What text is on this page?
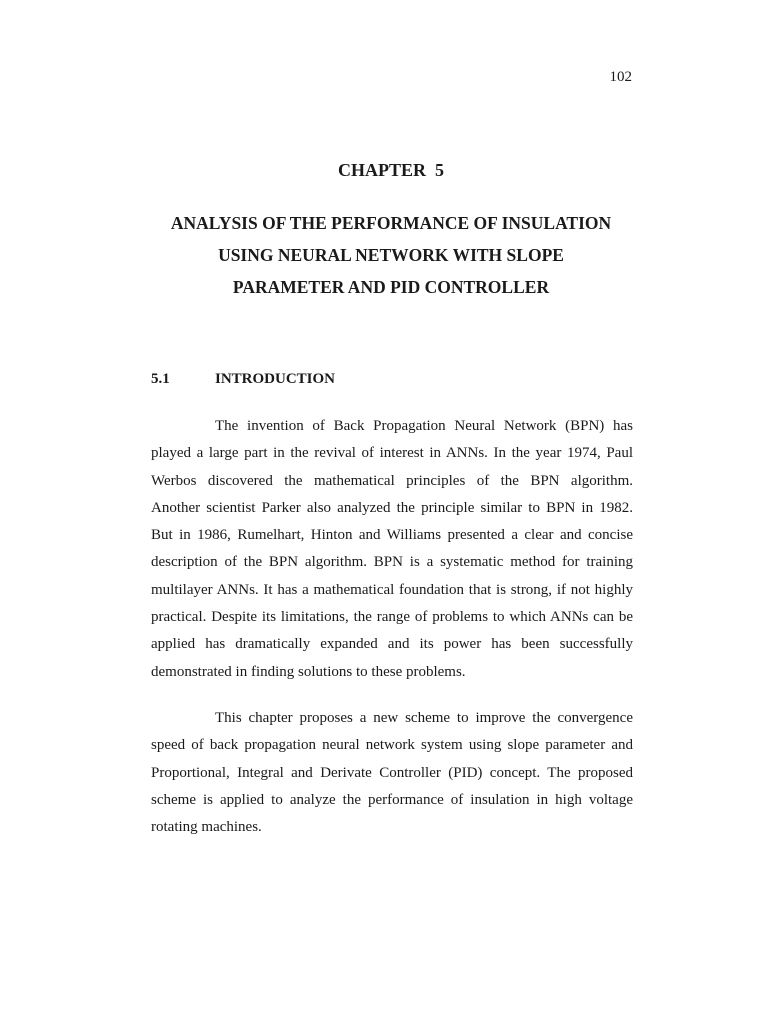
102
CHAPTER  5
ANALYSIS OF THE PERFORMANCE OF INSULATION
USING NEURAL NETWORK WITH SLOPE
PARAMETER AND PID CONTROLLER
5.1	INTRODUCTION
The invention of Back Propagation Neural Network (BPN) has
played a large part in the revival of interest in ANNs. In the year 1974, Paul
Werbos discovered the mathematical principles of the BPN algorithm.
Another scientist Parker also analyzed the principle similar to BPN in 1982.
But in 1986, Rumelhart, Hinton and Williams presented a clear and concise
description of the BPN algorithm. BPN is a systematic method for training
multilayer ANNs. It has a mathematical foundation that is strong, if not highly
practical. Despite its limitations, the range of problems to which ANNs can be
applied has dramatically expanded and its power has been successfully
demonstrated in finding solutions to these problems.
This chapter proposes a new scheme to improve the convergence
speed of back propagation neural network system using slope parameter and
Proportional, Integral and Derivate Controller (PID) concept. The proposed
scheme is applied to analyze the performance of insulation in high voltage
rotating machines.
